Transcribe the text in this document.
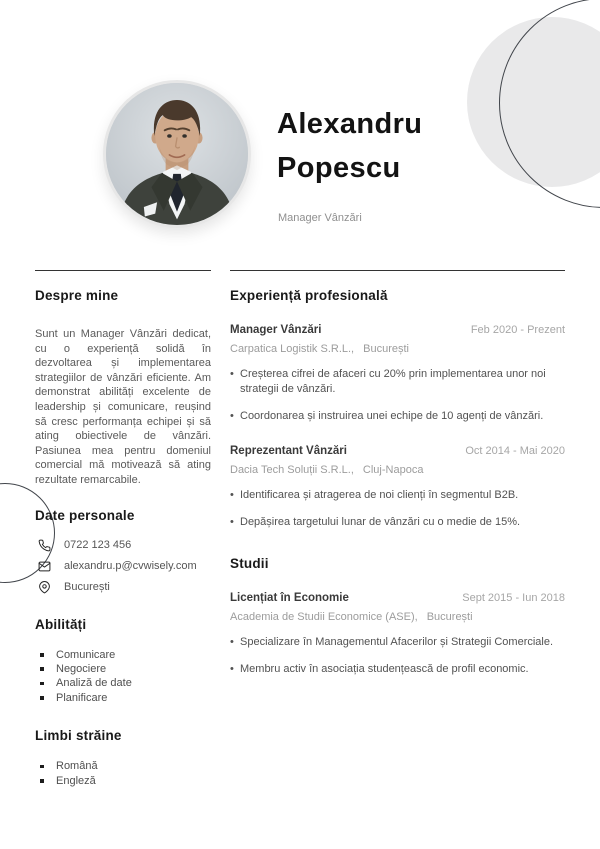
Alexandru
Popescu
Manager Vânzări
Despre mine
Sunt un Manager Vânzări dedicat, cu o experiență solidă în dezvoltarea și implementarea strategiilor de vânzări eficiente. Am demonstrat abilități excelente de leadership și comunicare, reușind să cresc performanța echipei și să ating obiectivele de vânzări. Pasiunea mea pentru domeniul comercial mă motivează să ating rezultate remarcabile.
Date personale
0722 123 456
alexandru.p@cvwisely.com
București
Abilități
Comunicare
Negociere
Analiză de date
Planificare
Limbi străine
Română
Engleză
Experiență profesională
Manager Vânzări	Feb 2020 - Prezent
Carpatica Logistik S.R.L., București
• Creșterea cifrei de afaceri cu 20% prin implementarea unor noi strategii de vânzări.
• Coordonarea și instruirea unei echipe de 10 agenți de vânzări.
Reprezentant Vânzări	Oct 2014 - Mai 2020
Dacia Tech Soluții S.R.L., Cluj-Napoca
• Identificarea și atragerea de noi clienți în segmentul B2B.
• Depășirea targetului lunar de vânzări cu o medie de 15%.
Studii
Licențiat în Economie	Sept 2015 - Iun 2018
Academia de Studii Economice (ASE), București
• Specializare în Managementul Afacerilor și Strategii Comerciale.
• Membru activ în asociația studențească de profil economic.
